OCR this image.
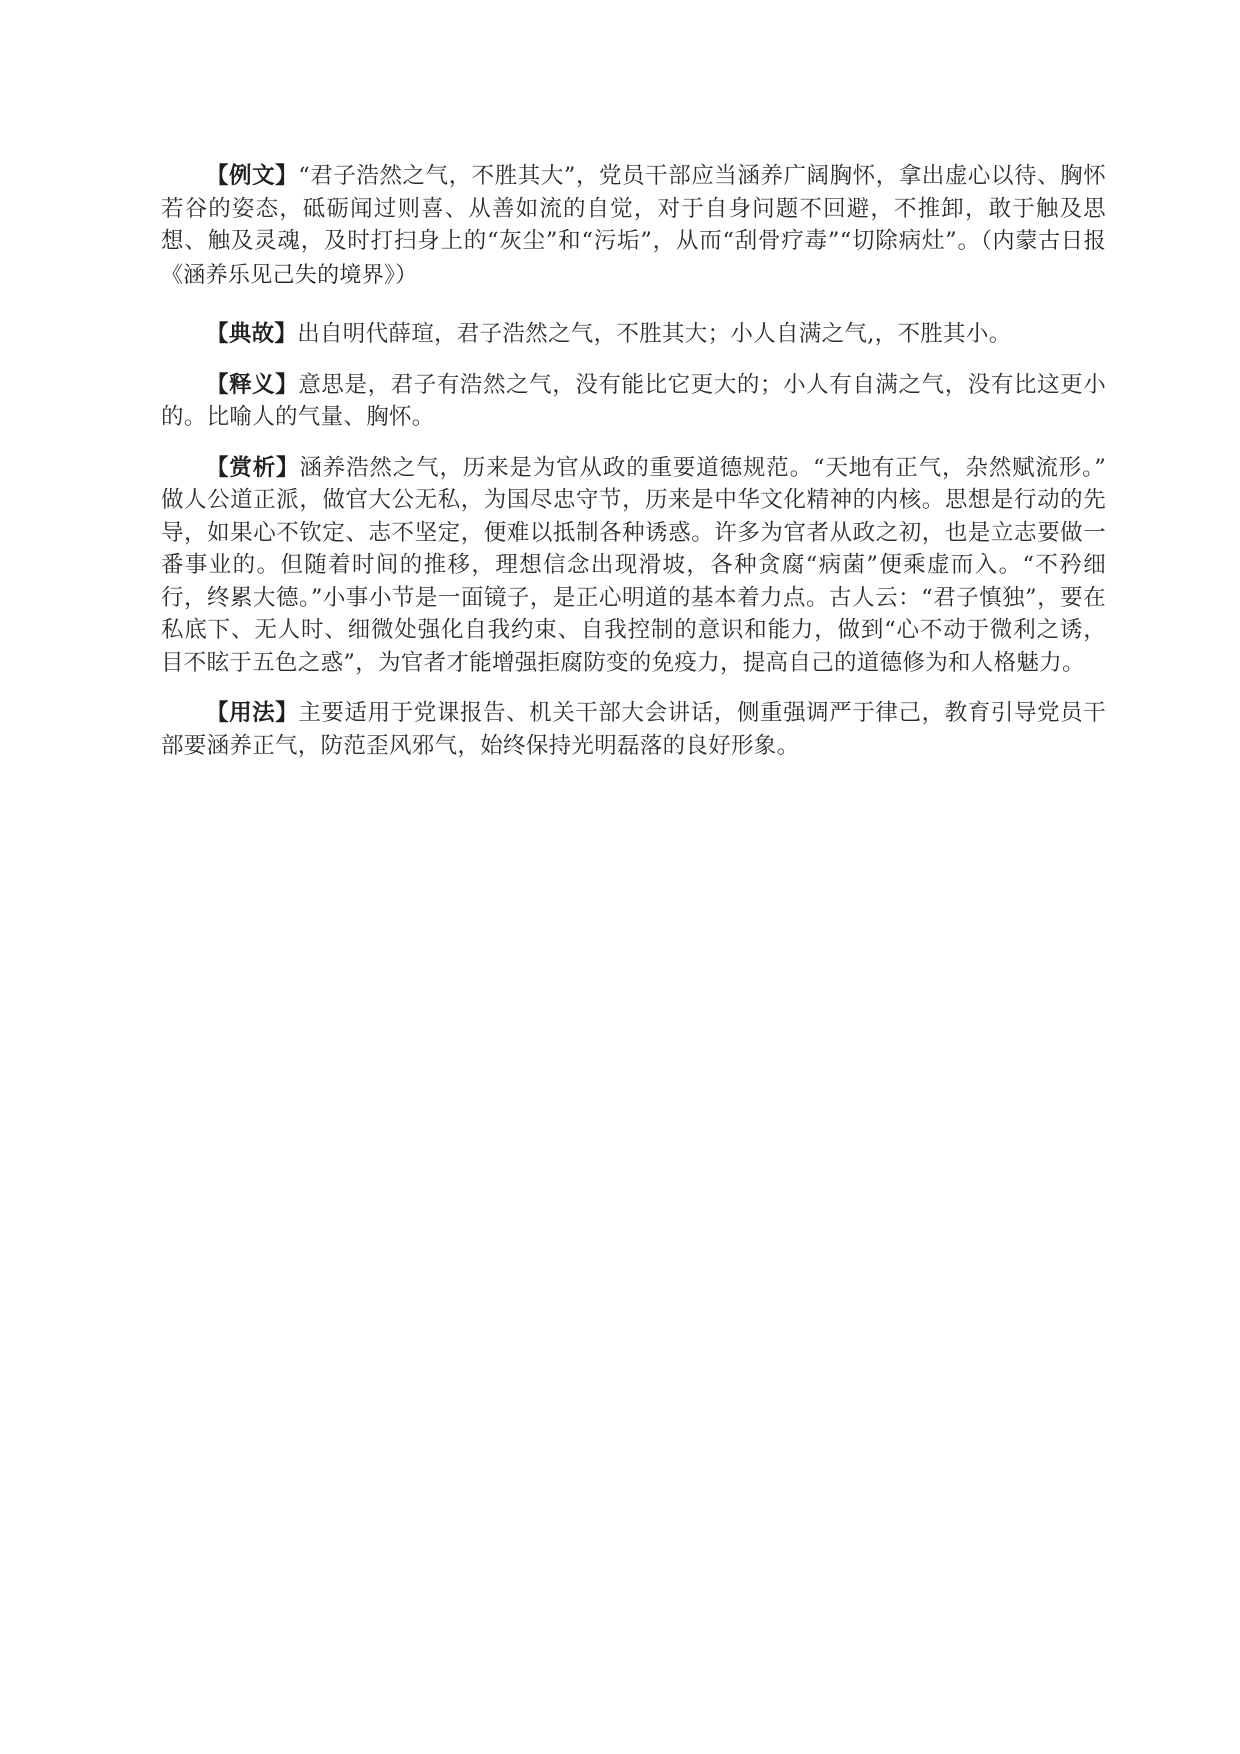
【例文】“君子浩然之气，不胜其大”，党员干部应当涵养广阔胸怀，拿出虚心以待、胸怀若谷的姿态，砥砺闻过则喜、从善如流的自觉，对于自身问题不回避，不推卸，敢于触及思想、触及灵魂，及时打扫身上的“灰尘”和“污垢”，从而“刮骨疗毒”“切除病灶”。（内蒙古日报《涵养乐见己失的境界》）

【典故】出自明代薛瑄，君子浩然之气，不胜其大；小人自满之气,，不胜其小。

【释义】意思是，君子有浩然之气，没有能比它更大的；小人有自满之气，没有比这更小的。比喻人的气量、胸怀。

【赏析】涵养浩然之气，历来是为官从政的重要道德规范。“天地有正气，杂然赋流形。” 做人公道正派，做官大公无私，为国尽忠守节，历来是中华文化精神的内核。思想是行动的先导，如果心不钦定、志不坚定，便难以抵制各种诱惑。许多为官者从政之初，也是立志要做一番事业的。但随着时间的推移，理想信念出现滑坡，各种贪腐“病菌”便乘虚而入。“不矜细行，终累大德。”小事小节是一面镜子，是正心明道的基本着力点。古人云：“君子慎独”，要在私底下、无人时、细微处强化自我约束、自我控制的意识和能力，做到“心不动于微利之诱，目不眩于五色之惑”，为官者才能增强拒腐防变的免疫力，提高自己的道德修为和人格魅力。

【用法】主要适用于党课报告、机关干部大会讲话，侧重强调严于律己，教育引导党员干部要涵养正气，防范歪风邪气，始终保持光明磊落的良好形象。
